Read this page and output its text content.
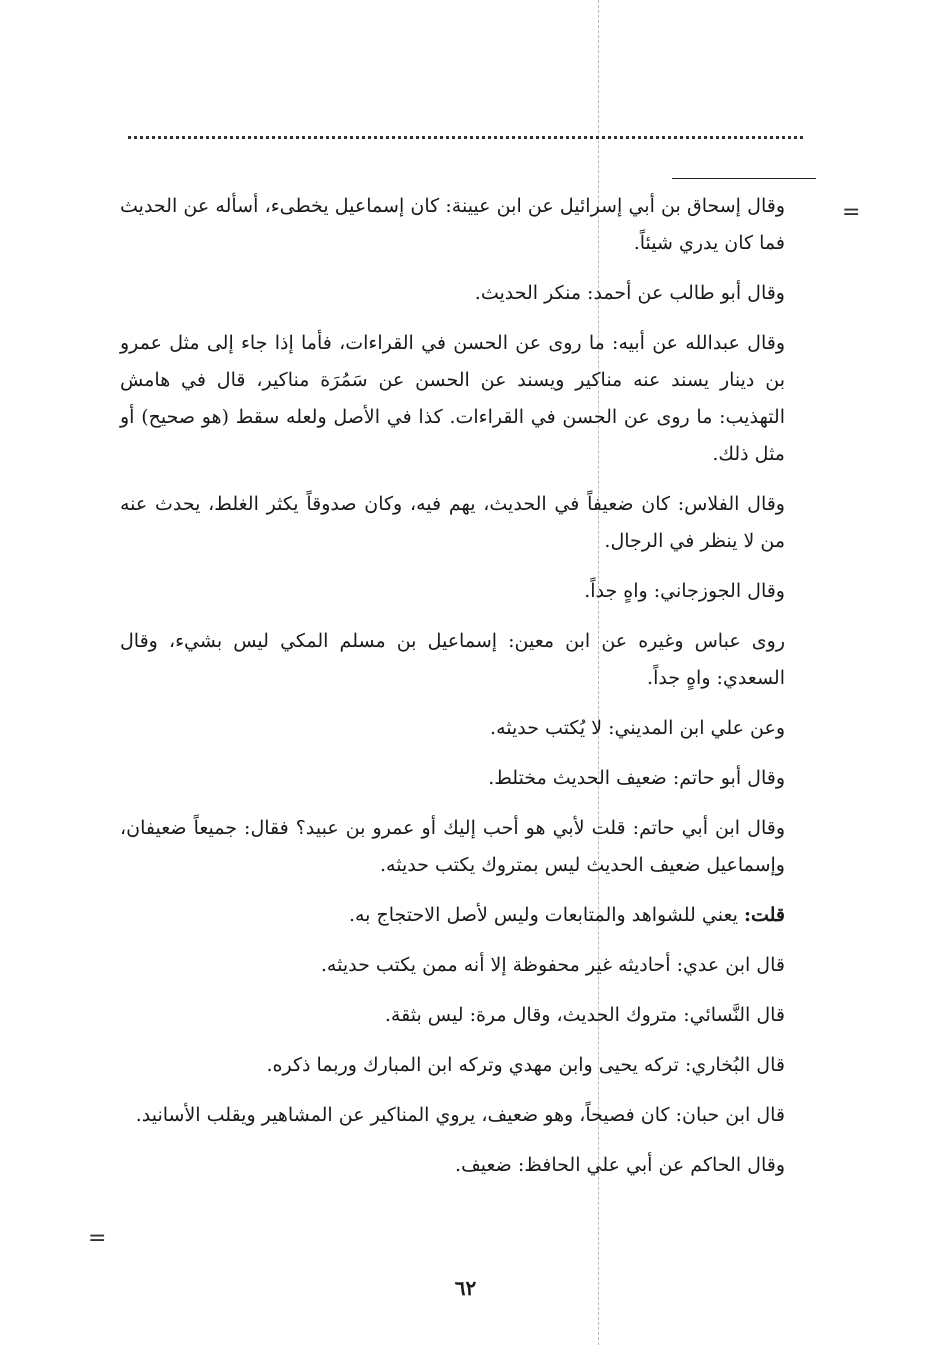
=
=

وقال إسحاق بن أبي إسرائيل عن ابن عيينة: كان إسماعيل يخطىء، أسأله عن الحديث فما كان يدري شيئاً.

وقال أبو طالب عن أحمد: منكر الحديث.

وقال عبدالله عن أبيه: ما روى عن الحسن في القراءات، فأما إذا جاء إلى مثل عمرو بن دينار يسند عنه مناكير ويسند عن الحسن عن سَمُرَة مناكير، قال في هامش التهذيب: ما روى عن الحسن في القراءات. كذا في الأصل ولعله سقط (هو صحيح) أو مثل ذلك.

وقال الفلاس: كان ضعيفاً في الحديث، يهم فيه، وكان صدوقاً يكثر الغلط، يحدث عنه من لا ينظر في الرجال.

وقال الجوزجاني: واهٍ جداً.

روى عباس وغيره عن ابن معين: إسماعيل بن مسلم المكي ليس بشيء، وقال السعدي: واهٍ جداً.

وعن علي ابن المديني: لا يُكتب حديثه.

وقال أبو حاتم: ضعيف الحديث مختلط.

وقال ابن أبي حاتم: قلت لأبي هو أحب إليك أو عمرو بن عبيد؟ فقال: جميعاً ضعيفان، وإسماعيل ضعيف الحديث ليس بمتروك يكتب حديثه.

قلت: يعني للشواهد والمتابعات وليس لأصل الاحتجاج به.

قال ابن عدي: أحاديثه غير محفوظة إلا أنه ممن يكتب حديثه.

قال النَّسائي: متروك الحديث، وقال مرة: ليس بثقة.

قال البُخاري: تركه يحيى وابن مهدي وتركه ابن المبارك وربما ذكره.

قال ابن حبان: كان فصيحاً، وهو ضعيف، يروي المناكير عن المشاهير ويقلب الأسانيد.

وقال الحاكم عن أبي علي الحافظ: ضعيف.

٦٢
